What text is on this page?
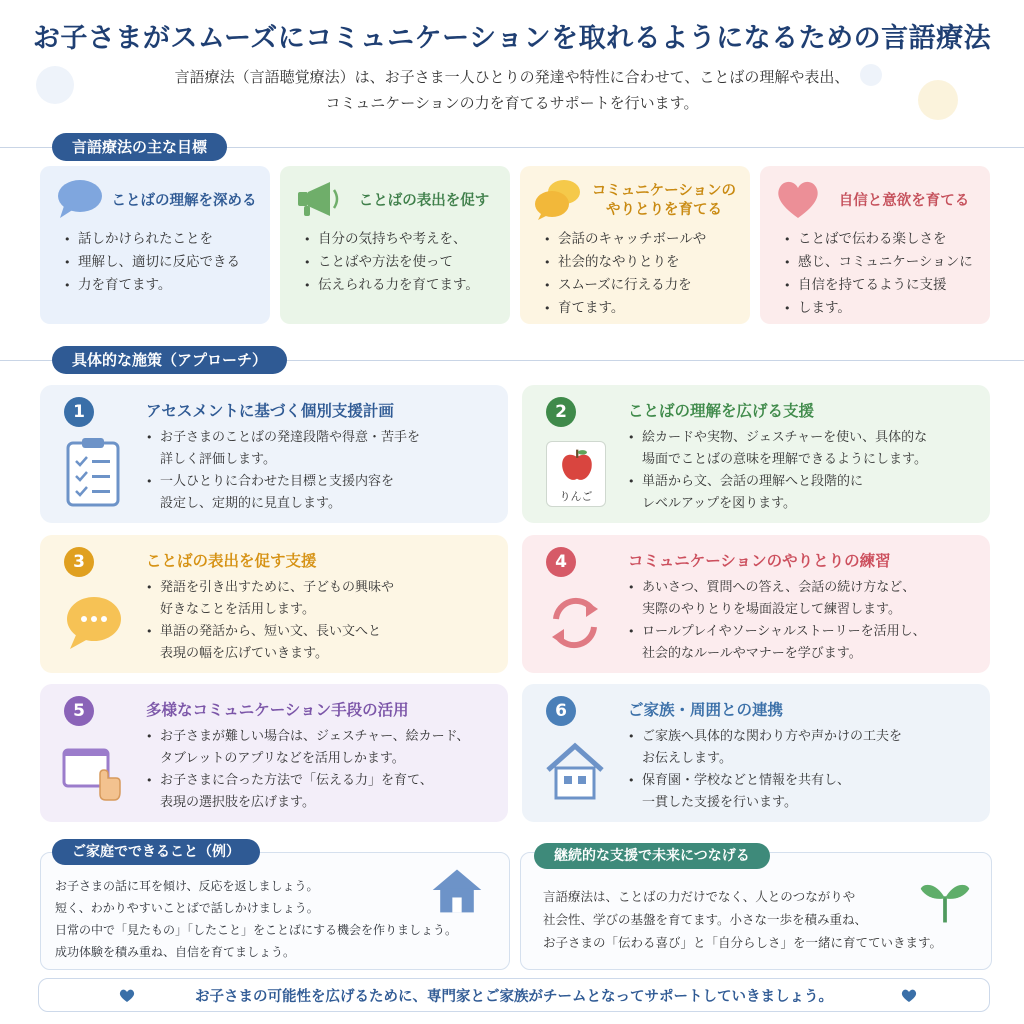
お子さまがスムーズにコミュニケーションを取れるようになるための言語療法
言語療法（言語聴覚療法）は、お子さま一人ひとりの発達や特性に合わせて、ことばの理解や表出、
コミュニケーションの力を育てるサポートを行います。
言語療法の主な目標
ことばの理解を深める
• 話しかけられたことを
• 理解し、適切に反応できる
• 力を育てます。
ことばの表出を促す
• 自分の気持ちや考えを、
• ことばや方法を使って
• 伝えられる力を育てます。
コミュニケーションのやりとりを育てる
• 会話のキャッチボールや
• 社会的なやりとりを
• スムーズに行える力を
• 育てます。
自信と意欲を育てる
• ことばで伝わる楽しさを
• 感じ、コミュニケーションに
• 自信を持てるように支援
• します。
具体的な施策（アプローチ）
1	アセスメントに基づく個別支援計画
• お子さまのことばの発達段階や得意・苦手を
詳しく評価します。
• 一人ひとりに合わせた目標と支援内容を
設定し、定期的に見直します。
2	ことばの理解を広げる支援
りんご
• 絵カードや実物、ジェスチャーを使い、具体的な
場面でことばの意味を理解できるようにします。
• 単語から文、会話の理解へと段階的に
レベルアップを図ります。
3	ことばの表出を促す支援
• 発語を引き出すために、子どもの興味や
好きなことを活用します。
• 単語の発話から、短い文、長い文へと
表現の幅を広げていきます。
4	コミュニケーションのやりとりの練習
• あいさつ、質問への答え、会話の続け方など、
実際のやりとりを場面設定して練習します。
• ロールプレイやソーシャルストーリーを活用し、
社会的なルールやマナーを学びます。
5	多様なコミュニケーション手段の活用
• お子さまが難しい場合は、ジェスチャー、絵カード、
タブレットのアプリなどを活用しかます。
• お子さまに合った方法で「伝える力」を育て、
表現の選択肢を広げます。
6	ご家族・周囲との連携
• ご家族へ具体的な関わり方や声かけの工夫を
お伝えします。
• 保育園・学校などと情報を共有し、
一貫した支援を行います。
お子さまの話に耳を傾け、反応を返しましょう。
短く、わかりやすいことばで話しかけましょう。
日常の中で「見たもの」「したこと」をことばにする機会を作りましょう。
成功体験を積み重ね、自信を育てましょう。
ご家庭でできること（例）
言語療法は、ことばの力だけでなく、人とのつながりや
社会性、学びの基盤を育てます。小さな一歩を積み重ね、
お子さまの「伝わる喜び」と「自分らしさ」を一緒に育てていきます。
継続的な支援で未来につなげる
お子さまの可能性を広げるために、専門家とご家族がチームとなってサポートしていきましょう。
